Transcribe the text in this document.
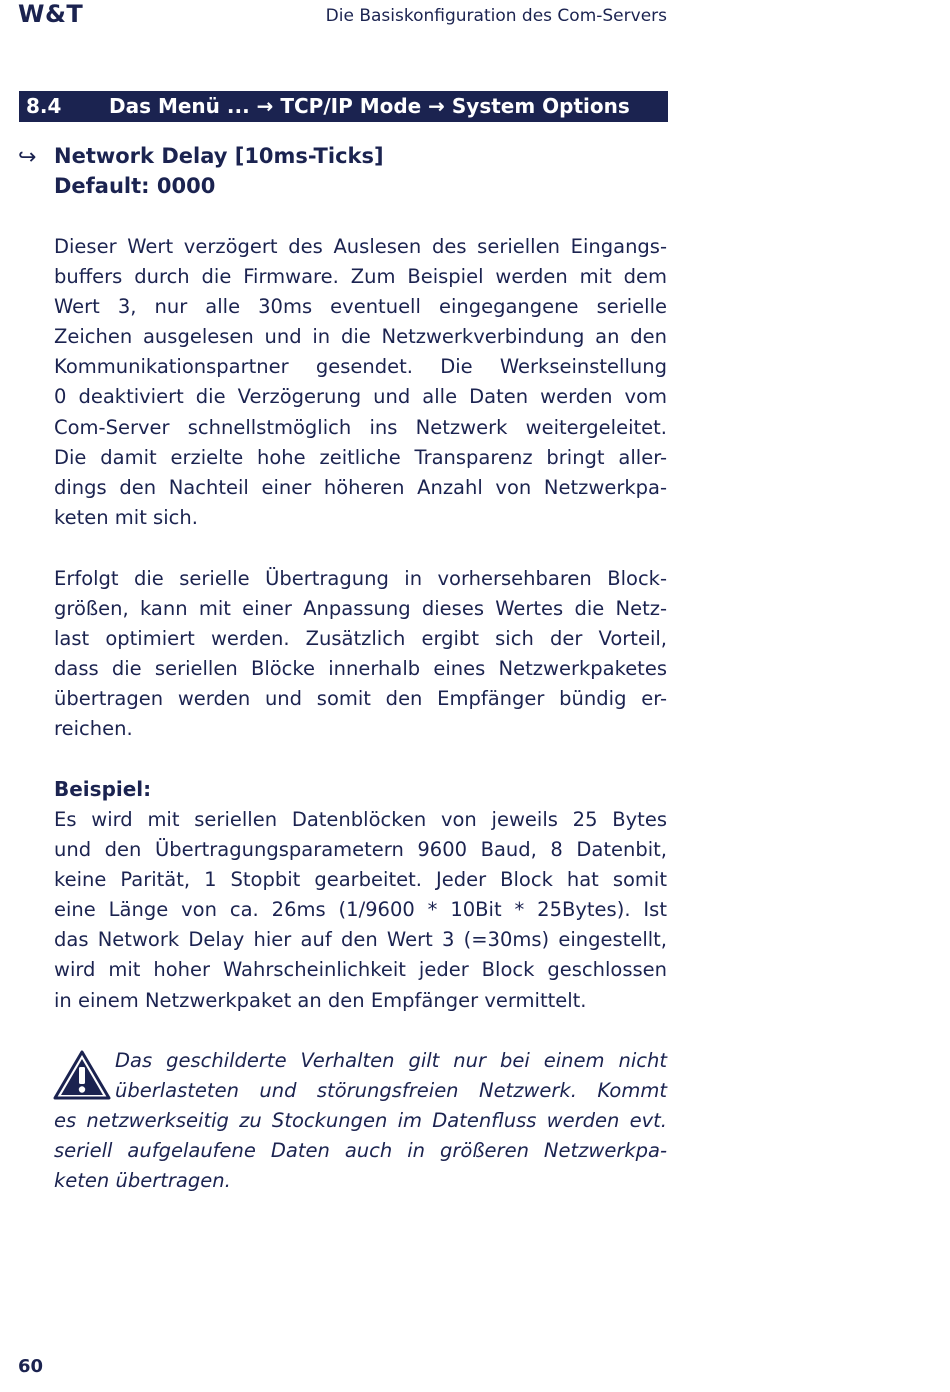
W&T	Die Basiskonfiguration des Com-Servers
8.4 Das Menü ... → TCP/IP Mode → System Options
↪ Network Delay [10ms-Ticks]
Default: 0000

Dieser Wert verzögert des Auslesen des seriellen Eingangs-
buffers durch die Firmware. Zum Beispiel werden mit dem
Wert 3, nur alle 30ms eventuell eingegangene serielle
Zeichen ausgelesen und in die Netzwerkverbindung an den
Kommunikationspartner gesendet. Die Werkseinstellung
0 deaktiviert die Verzögerung und alle Daten werden vom
Com-Server schnellstmöglich ins Netzwerk weitergeleitet.
Die damit erzielte hohe zeitliche Transparenz bringt aller-
dings den Nachteil einer höheren Anzahl von Netzwerkpa-
keten mit sich.

Erfolgt die serielle Übertragung in vorhersehbaren Block-
größen, kann mit einer Anpassung dieses Wertes die Netz-
last optimiert werden. Zusätzlich ergibt sich der Vorteil,
dass die seriellen Blöcke innerhalb eines Netzwerkpaketes
übertragen werden und somit den Empfänger bündig er-
reichen.

Beispiel:

Es wird mit seriellen Datenblöcken von jeweils 25 Bytes
und den Übertragungsparametern 9600 Baud, 8 Datenbit,
keine Parität, 1 Stopbit gearbeitet. Jeder Block hat somit
eine Länge von ca. 26ms (1/9600 * 10Bit * 25Bytes). Ist
das Network Delay hier auf den Wert 3 (=30ms) eingestellt,
wird mit hoher Wahrscheinlichkeit jeder Block geschlossen
in einem Netzwerkpaket an den Empfänger vermittelt.

Das geschilderte Verhalten gilt nur bei einem nicht
überlasteten und störungsfreien Netzwerk. Kommt
es netzwerkseitig zu Stockungen im Datenfluss werden evt.
seriell aufgelaufene Daten auch in größeren Netzwerkpa-
keten übertragen.

60
